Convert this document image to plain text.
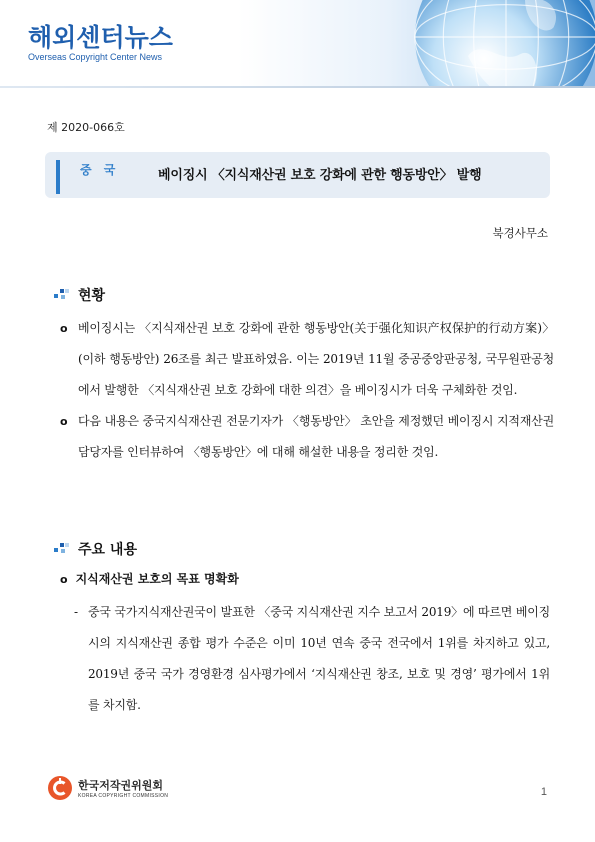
해외센터뉴스
Overseas Copyright Center News
제 2020-066호
중 국	베이징시 〈지식재산권 보호 강화에 관한 행동방안〉 발행
북경사무소
현황
o 베이징시는 〈지식재산권 보호 강화에 관한 행동방안(关于强化知识产权保护的行动方案)〉(이하 행동방안) 26조를 최근 발표하였음. 이는 2019년 11월 중공중앙판공청, 국무원판공청에서 발행한 〈지식재산권 보호 강화에 대한 의견〉을 베이징시가 더욱 구체화한 것임.
o 다음 내용은 중국지식재산권 전문기자가 〈행동방안〉 초안을 제정했던 베이징시 지적재산권 담당자를 인터뷰하여 〈행동방안〉에 대해 해설한 내용을 정리한 것임.
주요 내용
o 지식재산권 보호의 목표 명확화
- 중국 국가지식재산권국이 발표한 〈중국 지식재산권 지수 보고서 2019〉에 따르면 베이징시의 지식재산권 종합 평가 수준은 이미 10년 연속 중국 전국에서 1위를 차지하고 있고, 2019년 중국 국가 경영환경 심사평가에서 ‘지식재산권 창조, 보호 및 경영’ 평가에서 1위를 차지함.
한국저작권위원회
KOREA COPYRIGHT COMMISSION	1
